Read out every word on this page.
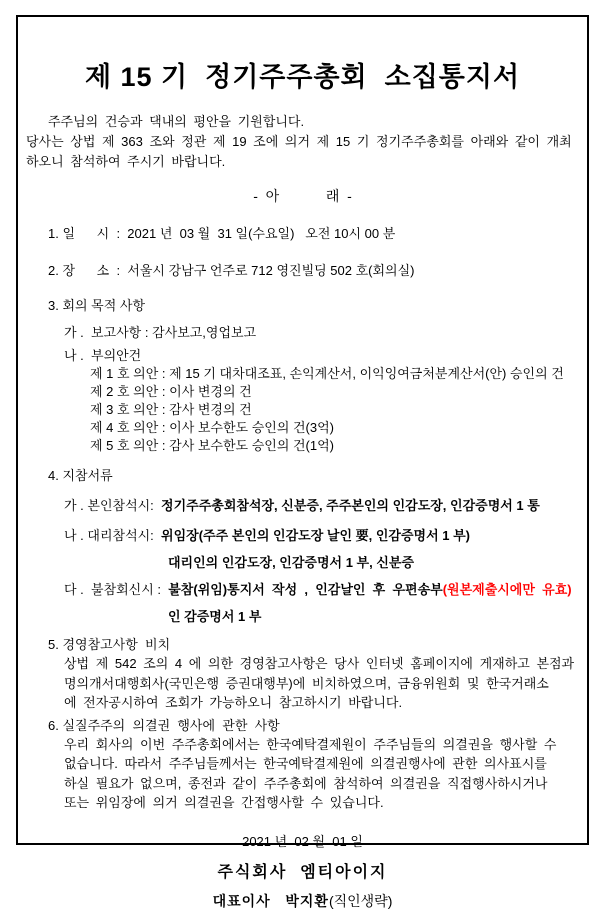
제 15 기  정기주주총회  소집통지서
주주님의 건승과 댁내의 평안을 기원합니다.
당사는 상법 제 363 조와 정관 제 19 조에 의거 제 15 기 정기주주총회를 아래와 같이 개최
하오니 참석하여 주시기 바랍니다.
-  아            래  -
1. 일      시  :  2021 년  03 월  31 일(수요일)   오전 10시 00 분
2. 장      소  :  서울시 강남구 언주로 712 영진빌딩 502 호(회의실)
3. 회의 목적 사항
가 .  보고사항 : 감사보고,영업보고
나 .  부의안건
제 1 호 의안 : 제 15 기 대차대조표, 손익계산서, 이익잉여금처분계산서(안) 승인의 건
제 2 호 의안 : 이사 변경의 건
제 3 호 의안 : 감사 변경의 건
제 4 호 의안 : 이사 보수한도 승인의 건(3억)
제 5 호 의안 : 감사 보수한도 승인의 건(1억)
4. 지참서류
가 . 본인참석시:  정기주주총회참석장, 신분증, 주주본인의 인감도장, 인감증명서 1 통
나 . 대리참석시:  위임장(주주 본인의 인감도장 날인 要, 인감증명서 1 부)
대리인의 인감도장, 인감증명서 1 부, 신분증
다 .  불참회신시 :  불참(위임)통지서  작성  ,  인감날인  후  우편송부(원본제출시에만  유효)
인 감증명서 1 부
5. 경영참고사항  비치
상법 제 542 조의 4 에 의한 경영참고사항은 당사 인터넷 홈페이지에 게재하고 본점과
명의개서대행회사(국민은행 증권대행부)에 비치하였으며, 금융위원회 및 한국거래소
에 전자공시하여 조회가 가능하오니 참고하시기 바랍니다.
6. 실질주주의  의결권  행사에  관한  사항
우리 회사의 이번 주주총회에서는 한국예탁결제원이 주주님들의 의결권을 행사할 수
없습니다. 따라서 주주님들께서는 한국예탁결제원에 의결권행사에 관한 의사표시를
하실 필요가 없으며, 종전과 같이 주주총회에 참석하여 의결권을 직접행사하시거나
또는 위임장에 의거 의결권을 간접행사할 수 있습니다.
2021 년  02 월  01 일
주식회사  엠티아이지
대표이사   박지환(직인생략)
